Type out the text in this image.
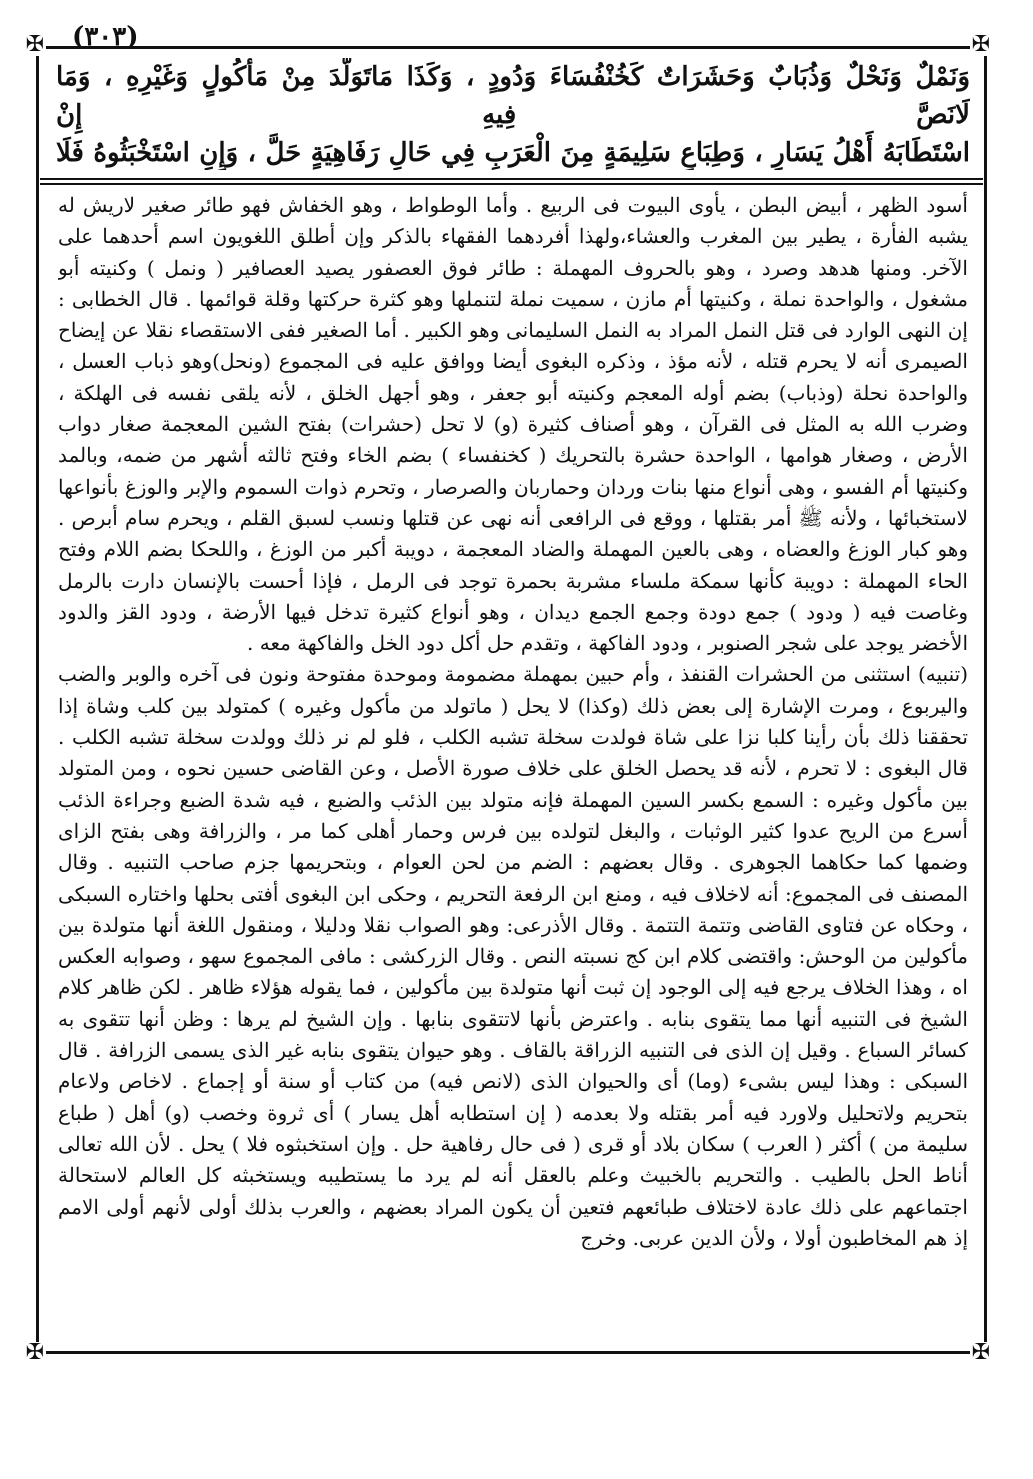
(٣٠٣)
✠	✠
✠	✠

وَنَمْلٌ وَنَحْلٌ وَذُبَابٌ وَحَشَرَاتٌ كَخُنْفُسَاءَ وَدُودٍ ، وَكَذَا مَاتَوَلَّدَ مِنْ مَأْكُولٍ وَغَيْرِهِ ، وَمَا لَانَصَّ فِيهِ إِنْ

اسْتَطَابَهُ أَهْلُ يَسَارٍ ، وَطِبَاعٍ سَلِيمَةٍ مِنَ الْعَرَبِ فِي حَالِ رَفَاهِيَةٍ حَلَّ ، وَإِنِ اسْتَخْبَثُوهُ فَلَا

أسود الظهر ، أبيض البطن ، يأوى البيوت فى الربيع . وأما الوطواط ، وهو الخفاش فهو طائر صغير لاريش له يشبه الفأرة ، يطير بين المغرب والعشاء،ولهذا أفردهما الفقهاء بالذكر وإن أطلق اللغويون اسم أحدهما على الآخر. ومنها هدهد وصرد ، وهو بالحروف المهملة : طائر فوق العصفور يصيد العصافير ( ونمل ) وكنيته أبو مشغول ، والواحدة نملة ، وكنيتها أم مازن ، سميت نملة لتنملها وهو كثرة حركتها وقلة قوائمها . قال الخطابى : إن النهى الوارد فى قتل النمل المراد به النمل السليمانى وهو الكبير . أما الصغير ففى الاستقصاء نقلا عن إيضاح الصيمرى أنه لا يحرم قتله ، لأنه مؤذ ، وذكره البغوى أيضا ووافق عليه فى المجموع (ونحل)وهو ذباب العسل ، والواحدة نحلة (وذباب) بضم أوله المعجم وكنيته أبو جعفر ، وهو أجهل الخلق ، لأنه يلقى نفسه فى الهلكة ، وضرب الله به المثل فى القرآن ، وهو أصناف كثيرة (و) لا تحل (حشرات) بفتح الشين المعجمة صغار دواب الأرض ، وصغار هوامها ، الواحدة حشرة بالتحريك ( كخنفساء ) بضم الخاء وفتح ثالثه أشهر من ضمه، وبالمد وكنيتها أم الفسو ، وهى أنواع منها بنات وردان وحماربان والصرصار ، وتحرم ذوات السموم والإبر والوزغ بأنواعها لاستخبائها ، ولأنه ﷺ أمر بقتلها ، ووقع فى الرافعى أنه نهى عن قتلها ونسب لسبق القلم ، ويحرم سام أبرص . وهو كبار الوزغ والعضاه ، وهى بالعين المهملة والضاد المعجمة ، دويبة أكبر من الوزغ ، واللحكا بضم اللام وفتح الحاء المهملة : دويبة كأنها سمكة ملساء مشربة بحمرة توجد فى الرمل ، فإذا أحست بالإنسان دارت بالرمل وغاصت فيه ( ودود ) جمع دودة وجمع الجمع ديدان ، وهو أنواع كثيرة تدخل فيها الأرضة ، ودود القز والدود الأخضر يوجد على شجر الصنوبر ، ودود الفاكهة ، وتقدم حل أكل دود الخل والفاكهة معه .

(تنبيه) استثنى من الحشرات القنفذ ، وأم حبين بمهملة مضمومة وموحدة مفتوحة ونون فى آخره والوبر والضب واليربوع ، ومرت الإشارة إلى بعض ذلك (وكذا) لا يحل ( ماتولد من مأكول وغيره ) كمتولد بين كلب وشاة إذا تحققنا ذلك بأن رأينا كلبا نزا على شاة فولدت سخلة تشبه الكلب ، فلو لم نر ذلك وولدت سخلة تشبه الكلب . قال البغوى : لا تحرم ، لأنه قد يحصل الخلق على خلاف صورة الأصل ، وعن القاضى حسين نحوه ، ومن المتولد بين مأكول وغيره : السمع بكسر السين المهملة فإنه متولد بين الذئب والضبع ، فيه شدة الضبع وجراءة الذئب أسرع من الريح عدوا كثير الوثبات ، والبغل لتولده بين فرس وحمار أهلى كما مر ، والزرافة وهى بفتح الزاى وضمها كما حكاهما الجوهرى . وقال بعضهم : الضم من لحن العوام ، وبتحريمها جزم صاحب التنبيه . وقال المصنف فى المجموع: أنه لاخلاف فيه ، ومنع ابن الرفعة التحريم ، وحكى ابن البغوى أفتى بحلها واختاره السبكى ، وحكاه عن فتاوى القاضى وتتمة التتمة . وقال الأذرعى: وهو الصواب نقلا ودليلا ، ومنقول اللغة أنها متولدة بين مأكولين من الوحش: واقتضى كلام ابن كج نسبته النص . وقال الزركشى : مافى المجموع سهو ، وصوابه العكس اه ، وهذا الخلاف يرجع فيه إلى الوجود إن ثبت أنها متولدة بين مأكولين ، فما يقوله هؤلاء ظاهر . لكن ظاهر كلام الشيخ فى التنبيه أنها مما يتقوى بنابه . واعترض بأنها لاتتقوى بنابها . وإن الشيخ لم يرها : وظن أنها تتقوى به كسائر السباع . وقيل إن الذى فى التنبيه الزراقة بالقاف . وهو حيوان يتقوى بنابه غير الذى يسمى الزرافة . قال السبكى : وهذا ليس بشىء (وما) أى والحيوان الذى (لانص فيه) من كتاب أو سنة أو إجماع . لاخاص ولاعام بتحريم ولاتحليل ولاورد فيه أمر بقتله ولا بعدمه ( إن استطابه أهل يسار ) أى ثروة وخصب (و) أهل ( طباع سليمة من ) أكثر ( العرب ) سكان بلاد أو قرى ( فى حال رفاهية حل . وإن استخبثوه فلا ) يحل . لأن الله تعالى أناط الحل بالطيب . والتحريم بالخبيث وعلم بالعقل أنه لم يرد ما يستطيبه ويستخبثه كل العالم لاستحالة اجتماعهم على ذلك عادة لاختلاف طبائعهم فتعين أن يكون المراد بعضهم ، والعرب بذلك أولى لأنهم أولى الامم إذ هم المخاطبون أولا ، ولأن الدين عربى. وخرج
